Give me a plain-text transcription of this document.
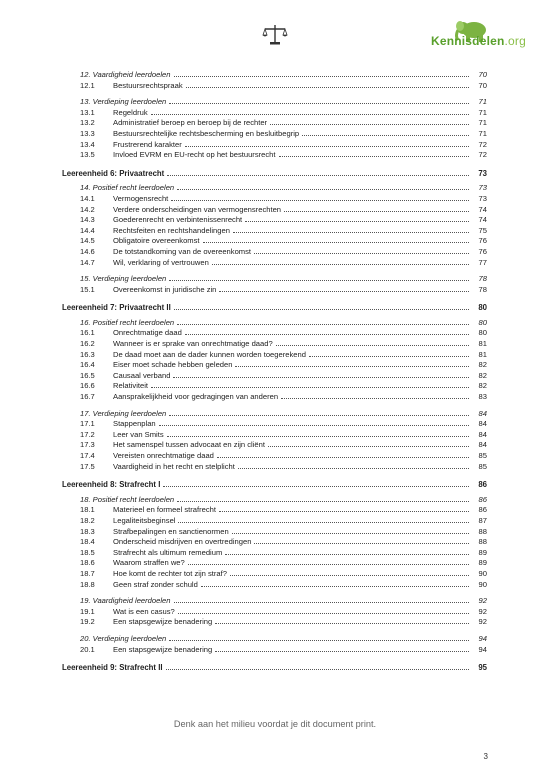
Kennisdelen.org
12. Vaardigheid leerdoelen	70
12.1 Bestuursrechtspraak	70
13. Verdieping leerdoelen	71
13.1 Regeldruk	71
13.2 Administratief beroep en beroep bij de rechter	71
13.3 Bestuursrechtelijke rechtsbescherming en besluitbegrip	71
13.4 Frustrerend karakter	72
13.5 Invloed EVRM en EU-recht op het bestuursrecht	72
Leereenheid 6: Privaatrecht	73
14. Positief recht leerdoelen	73
14.1 Vermogensrecht	73
14.2 Verdere onderscheidingen van vermogensrechten	74
14.3 Goederenrecht en verbintenissenrecht	74
14.4 Rechtsfeiten en rechtshandelingen	75
14.5 Obligatoire overeenkomst	76
14.6 De totstandkoming van de overeenkomst	76
14.7 Wil, verklaring of vertrouwen	77
15. Verdieping leerdoelen	78
15.1 Overeenkomst in juridische zin	78
Leereenheid 7: Privaatrecht II	80
16. Positief recht leerdoelen	80
16.1 Onrechtmatige daad	80
16.2 Wanneer is er sprake van onrechtmatige daad?	81
16.3 De daad moet aan de dader kunnen worden toegerekend	81
16.4 Eiser moet schade hebben geleden	82
16.5 Causaal verband	82
16.6 Relativiteit	82
16.7 Aansprakelijkheid voor gedragingen van anderen	83
17. Verdieping leerdoelen	84
17.1 Stappenplan	84
17.2 Leer van Smits	84
17.3 Het samenspel tussen advocaat en zijn cliënt	84
17.4 Vereisten onrechtmatige daad	85
17.5 Vaardigheid in het recht en stelplicht	85
Leereenheid 8: Strafrecht I	86
18. Positief recht leerdoelen	86
18.1 Materieel en formeel strafrecht	86
18.2 Legaliteitsbeginsel	87
18.3 Strafbepalingen en sanctienormen	88
18.4 Onderscheid misdrijven en overtredingen	88
18.5 Strafrecht als ultimum remedium	89
18.6 Waarom straffen we?	89
18.7 Hoe komt de rechter tot zijn straf?	90
18.8 Geen straf zonder schuld	90
19. Vaardigheid leerdoelen	92
19.1 Wat is een casus?	92
19.2 Een stapsgewijze benadering	92
20. Verdieping leerdoelen	94
20.1 Een stapsgewijze benadering	94
Leereenheid 9: Strafrecht II	95
Denk aan het milieu voordat je dit document print.
3
